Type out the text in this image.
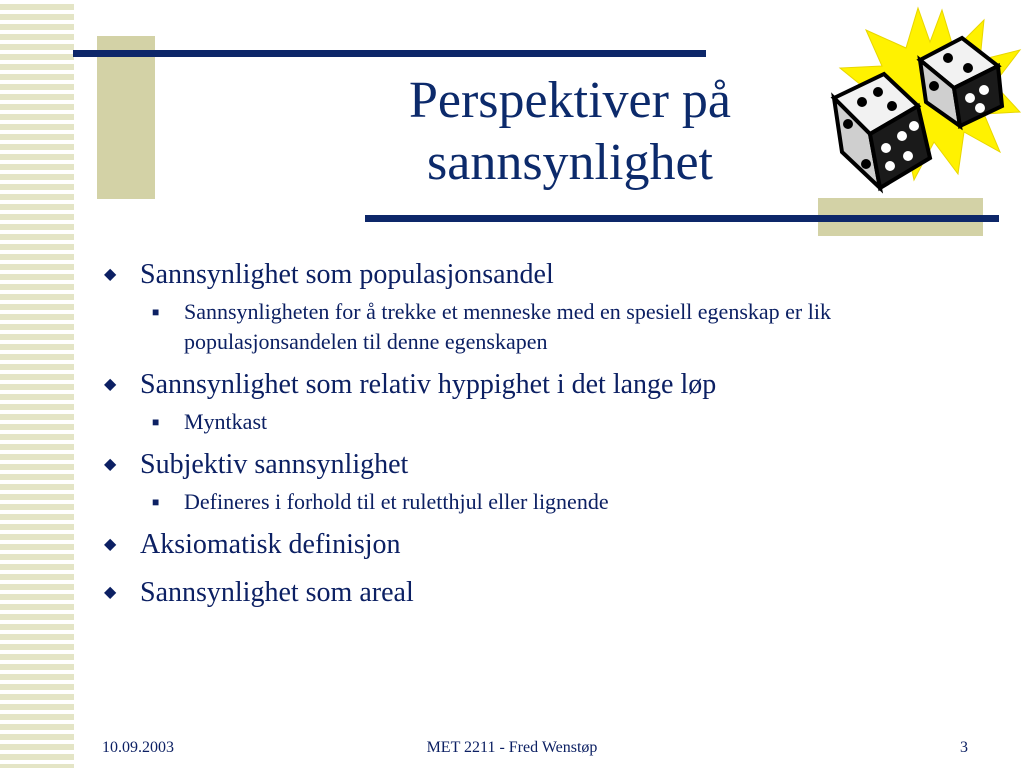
Perspektiver på
sannsynlighet
◆ Sannsynlighet som populasjonsandel
■	Sannsynligheten for å trekke et menneske med en spesiell egenskap er lik populasjonsandelen til denne egenskapen
◆ Sannsynlighet som relativ hyppighet i det lange løp
■	Myntkast
◆ Subjektiv sannsynlighet
■	Defineres i forhold til et ruletthjul eller lignende
◆ Aksiomatisk definisjon
◆ Sannsynlighet som areal
10.09.2003	MET 2211 - Fred Wenstøp	3
